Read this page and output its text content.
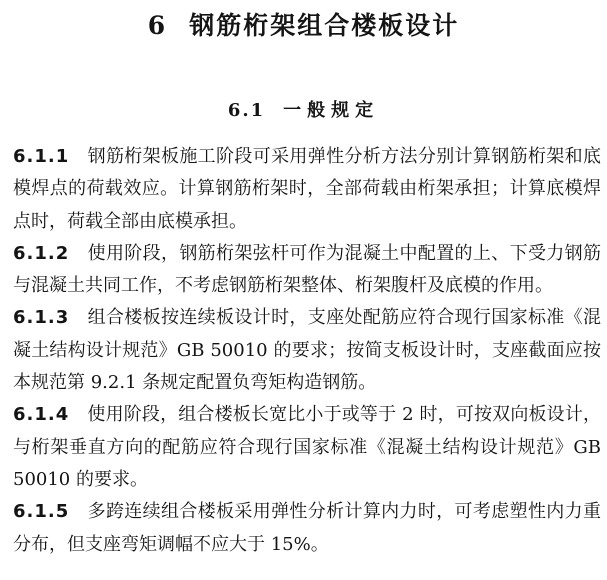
6 钢筋桁架组合楼板设计
6.1 一般规定

6.1.1 钢筋桁架板施工阶段可采用弹性分析方法分别计算钢筋桁架和底模焊点的荷载效应。计算钢筋桁架时，全部荷载由桁架承担；计算底模焊点时，荷载全部由底模承担。

6.1.2 使用阶段，钢筋桁架弦杆可作为混凝土中配置的上、下受力钢筋与混凝土共同工作，不考虑钢筋桁架整体、桁架腹杆及底模的作用。

6.1.3 组合楼板按连续板设计时，支座处配筋应符合现行国家标准《混凝土结构设计规范》GB 50010 的要求；按简支板设计时，支座截面应按本规范第 9.2.1 条规定配置负弯矩构造钢筋。

6.1.4 使用阶段，组合楼板长宽比小于或等于 2 时，可按双向板设计，与桁架垂直方向的配筋应符合现行国家标准《混凝土结构设计规范》GB 50010 的要求。

6.1.5 多跨连续组合楼板采用弹性分析计算内力时，可考虑塑性内力重分布，但支座弯矩调幅不应大于 15%。
